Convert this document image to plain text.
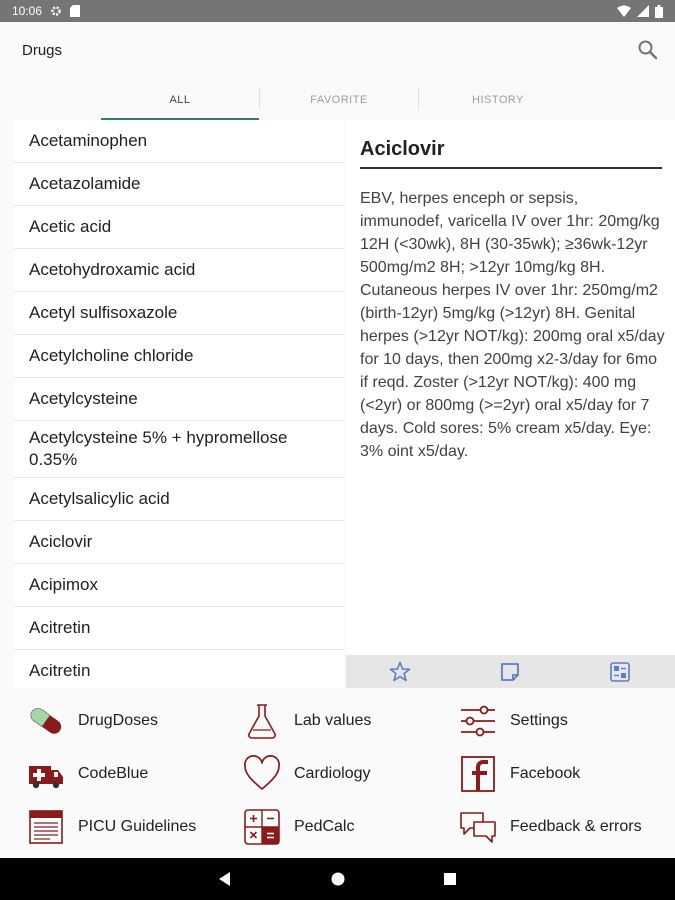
10:06
Drugs
ALL	FAVORITE	HISTORY
Acetaminophen
Acetazolamide
Acetic acid
Acetohydroxamic acid
Acetyl sulfisoxazole
Acetylcholine chloride
Acetylcysteine
Acetylcysteine 5% + hypromellose 0.35%
Acetylsalicylic acid
Aciclovir
Acipimox
Acitretin
Acitretin
Aciclovir
EBV, herpes enceph or sepsis, immunodef, varicella IV over 1hr: 20mg/kg 12H (<30wk), 8H (30-35wk); ≥36wk-12yr 500mg/m2 8H; >12yr 10mg/kg 8H. Cutaneous herpes IV over 1hr: 250mg/m2 (birth-12yr) 5mg/kg (>12yr) 8H. Genital herpes (>12yr NOT/kg): 200mg oral x5/day for 10 days, then 200mg x2-3/day for 6mo if reqd. Zoster (>12yr NOT/kg): 400 mg (<2yr) or 800mg (>=2yr) oral x5/day for 7 days. Cold sores: 5% cream x5/day. Eye: 3% oint x5/day.
DrugDoses	Lab values	Settings
CodeBlue	Cardiology	Facebook
PICU Guidelines	PedCalc	Feedback & errors
